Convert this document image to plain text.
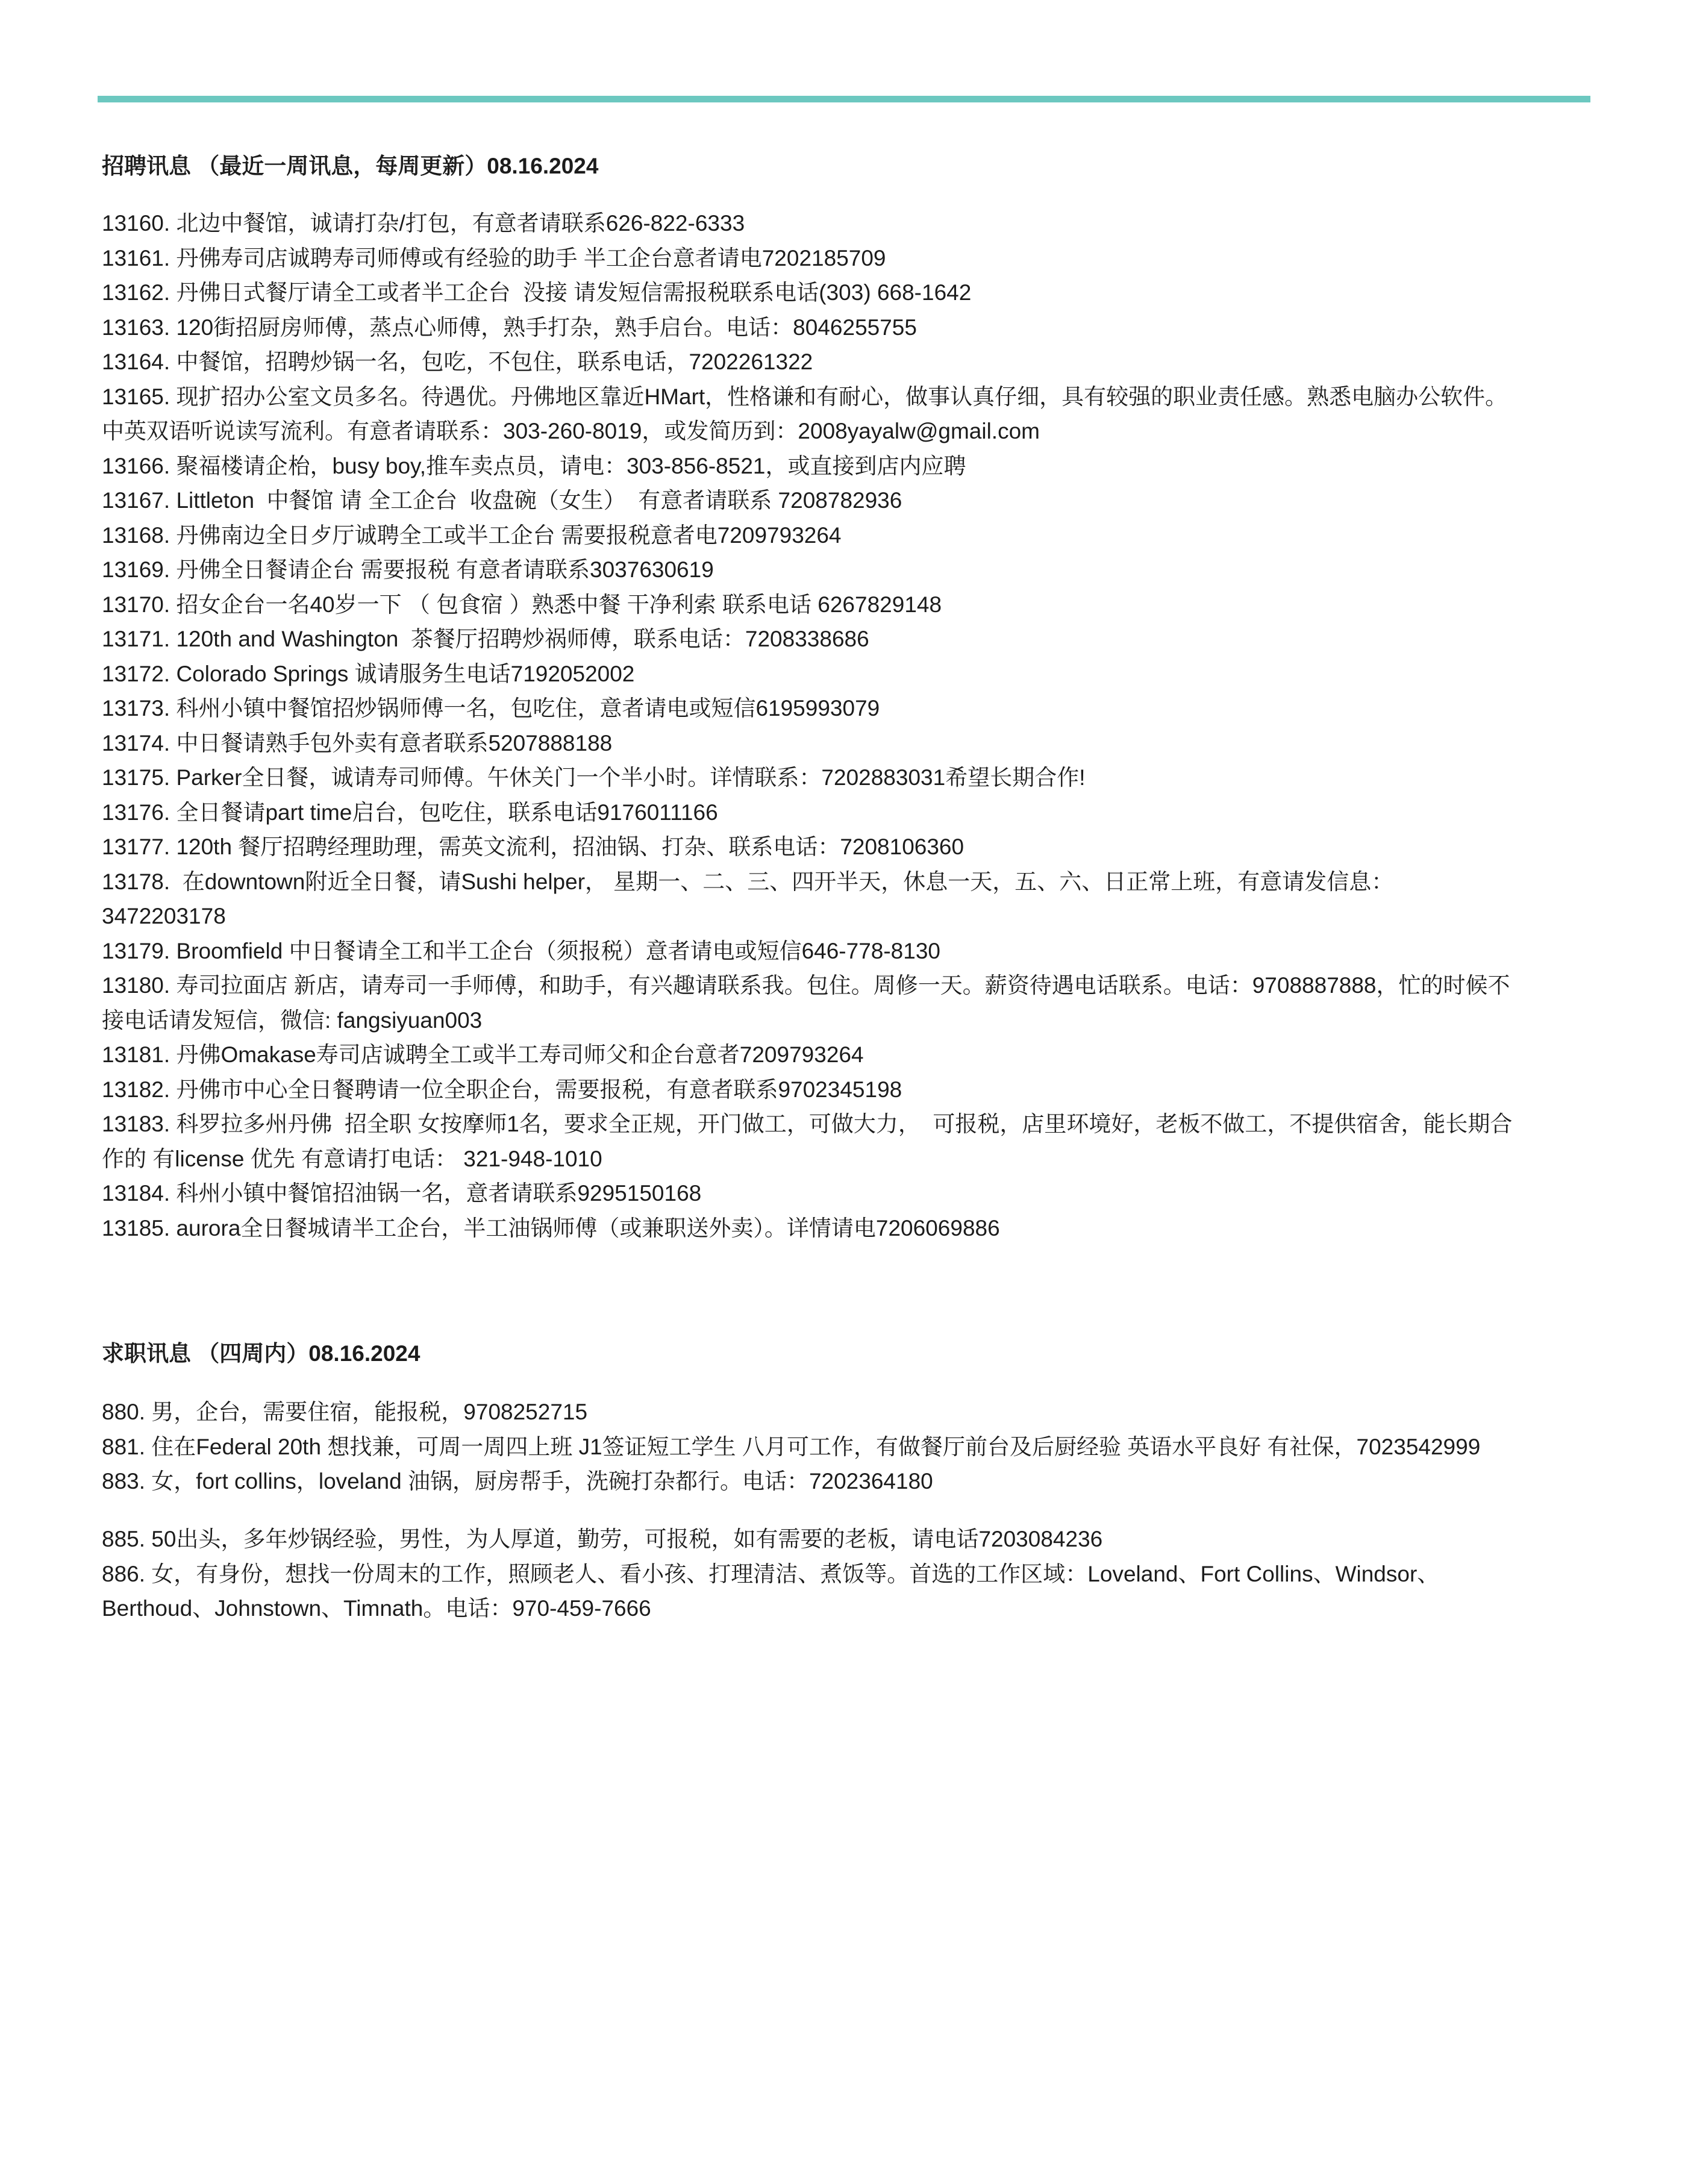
招聘讯息 （最近一周讯息，每周更新）08.16.2024
13160. 北边中餐馆，诚请打杂/打包，有意者请联系626-822-6333
13161. 丹佛寿司店诚聘寿司师傅或有经验的助手 半工企台意者请电7202185709
13162. 丹佛日式餐厅请全工或者半工企台  没接 请发短信需报税联系电话(303) 668-1642
13163. 120街招厨房师傅，蒸点心师傅，熟手打杂，熟手启台。电话：8046255755
13164. 中餐馆，招聘炒锅一名，包吃，不包住，联系电话，7202261322
13165. 现扩招办公室文员多名。待遇优。丹佛地区靠近HMart，性格谦和有耐心，做事认真仔细，具有较强的职业责任感。熟悉电脑办公软件。
中英双语听说读写流利。有意者请联系：303-260-8019，或发简历到：2008yayalw@gmail.com
13166. 聚福楼请企枱，busy boy,推车卖点员，请电：303-856-8521，或直接到店内应聘
13167. Littleton  中餐馆 请 全工企台  收盘碗（女生）  有意者请联系 7208782936
13168. 丹佛南边全日歺厅诚聘全工或半工企台 需要报税意者电7209793264
13169. 丹佛全日餐请企台 需要报税 有意者请联系3037630619
13170. 招女企台一名40岁一下 （ 包食宿 ）熟悉中餐 干净利索 联系电话 6267829148
13171. 120th and Washington  茶餐厅招聘炒祸师傅，联系电话：7208338686
13172. Colorado Springs 诚请服务生电话7192052002
13173. 科州小镇中餐馆招炒锅师傅一名，包吃住，意者请电或短信6195993079
13174. 中日餐请熟手包外卖有意者联系5207888188
13175. Parker全日餐，诚请寿司师傅。午休关门一个半小时。详情联系：7202883031希望长期合作!
13176. 全日餐请part time启台，包吃住，联系电话9176011166
13177. 120th 餐厅招聘经理助理，需英文流利，招油锅、打杂、联系电话：7208106360
13178.  在downtown附近全日餐，请Sushi helper， 星期一、二、三、四开半天，休息一天，五、六、日正常上班，有意请发信息：
3472203178
13179. Broomfield 中日餐请全工和半工企台（须报税）意者请电或短信646-778-8130
13180. 寿司拉面店 新店，请寿司一手师傅，和助手，有兴趣请联系我。包住。周修一天。薪资待遇电话联系。电话：9708887888，忙的时候不
接电话请发短信，微信: fangsiyuan003
13181. 丹佛Omakase寿司店诚聘全工或半工寿司师父和企台意者7209793264
13182. 丹佛市中心全日餐聘请一位全职企台，需要报税，有意者联系9702345198
13183. 科罗拉多州丹佛  招全职 女按摩师1名，要求全正规，开门做工，可做大力，  可报税，店里环境好，老板不做工，不提供宿舍，能长期合
作的 有license 优先 有意请打电话： 321-948-1010
13184. 科州小镇中餐馆招油锅一名，意者请联系9295150168
13185. aurora全日餐城请半工企台，半工油锅师傅（或兼职送外卖）。详情请电7206069886
求职讯息 （四周内）08.16.2024
880. 男，企台，需要住宿，能报税，9708252715
881. 住在Federal 20th 想找兼，可周一周四上班 J1签证短工学生 八月可工作，有做餐厅前台及后厨经验 英语水平良好 有社保，7023542999
883. 女，fort collins，loveland 油锅，厨房帮手，洗碗打杂都行。电话：7202364180
885. 50出头，多年炒锅经验，男性，为人厚道，勤劳，可报税，如有需要的老板，请电话7203084236
886. 女，有身份，想找一份周末的工作，照顾老人、看小孩、打理清洁、煮饭等。首选的工作区域：Loveland、Fort Collins、Windsor、
Berthoud、Johnstown、Timnath。电话：970-459-7666
